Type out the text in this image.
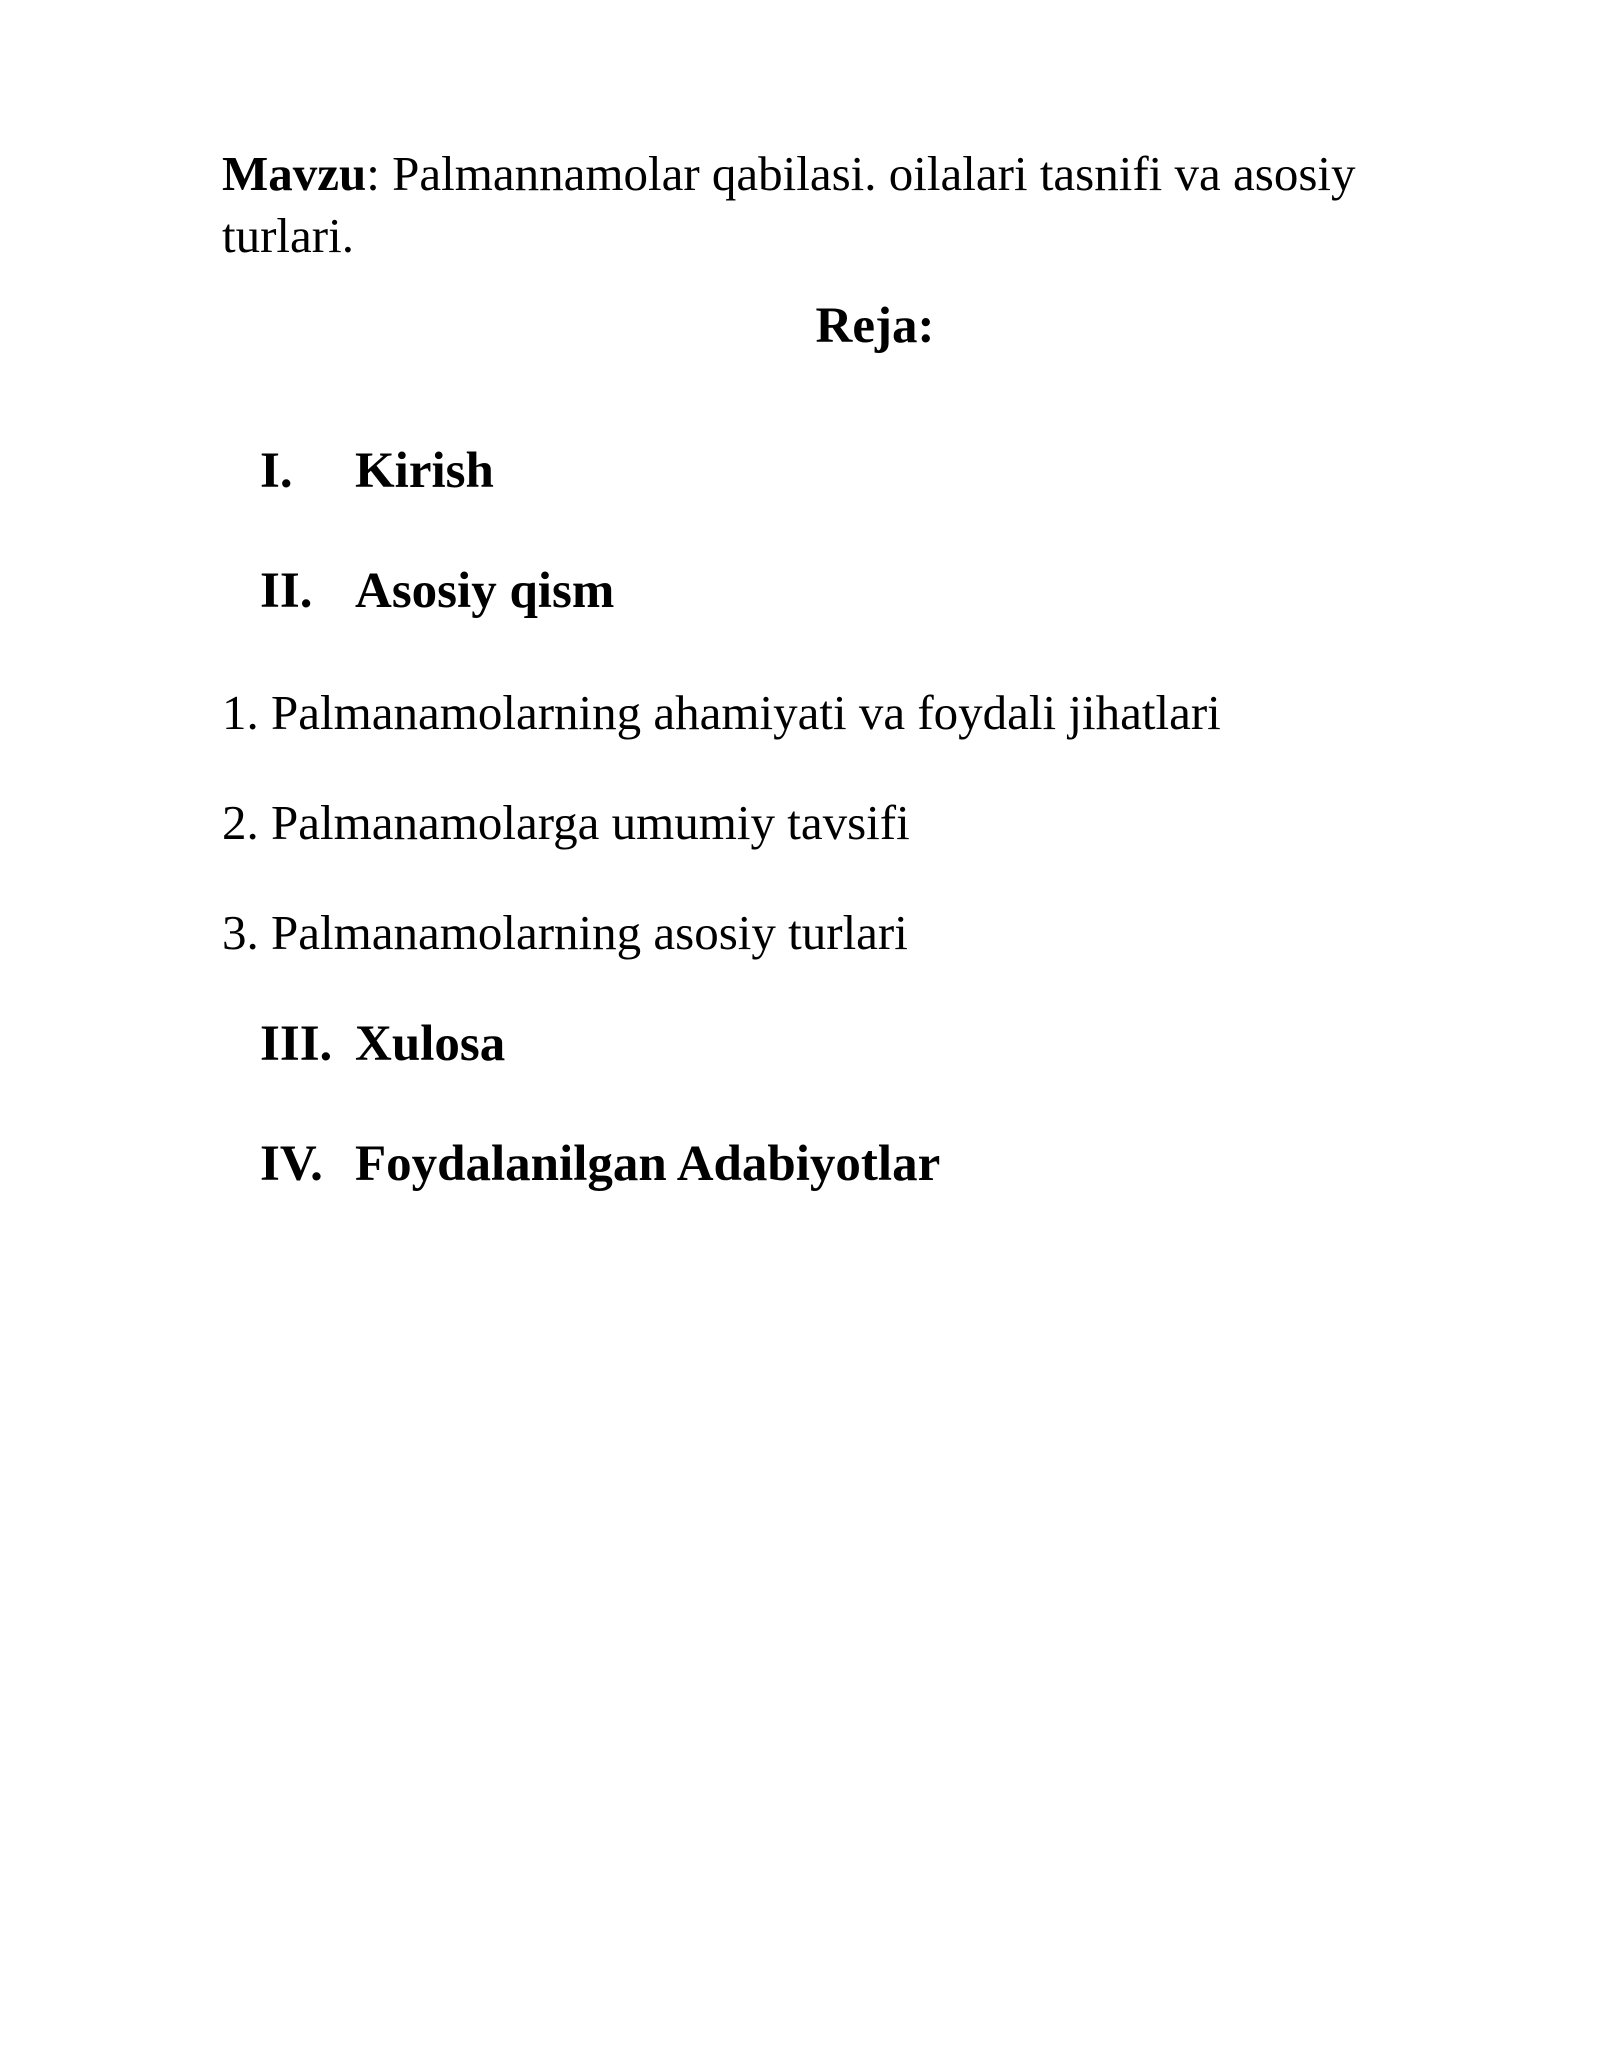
Mavzu: Palmannamolar qabilasi. oilalari tasnifi va asosiy turlari.

Reja:

I. Kirish
II. Asosiy qism
1. Palmanamolarning ahamiyati va foydali jihatlari
2. Palmanamolarga umumiy tavsifi
3. Palmanamolarning asosiy turlari
III. Xulosa
IV. Foydalanilgan Adabiyotlar
